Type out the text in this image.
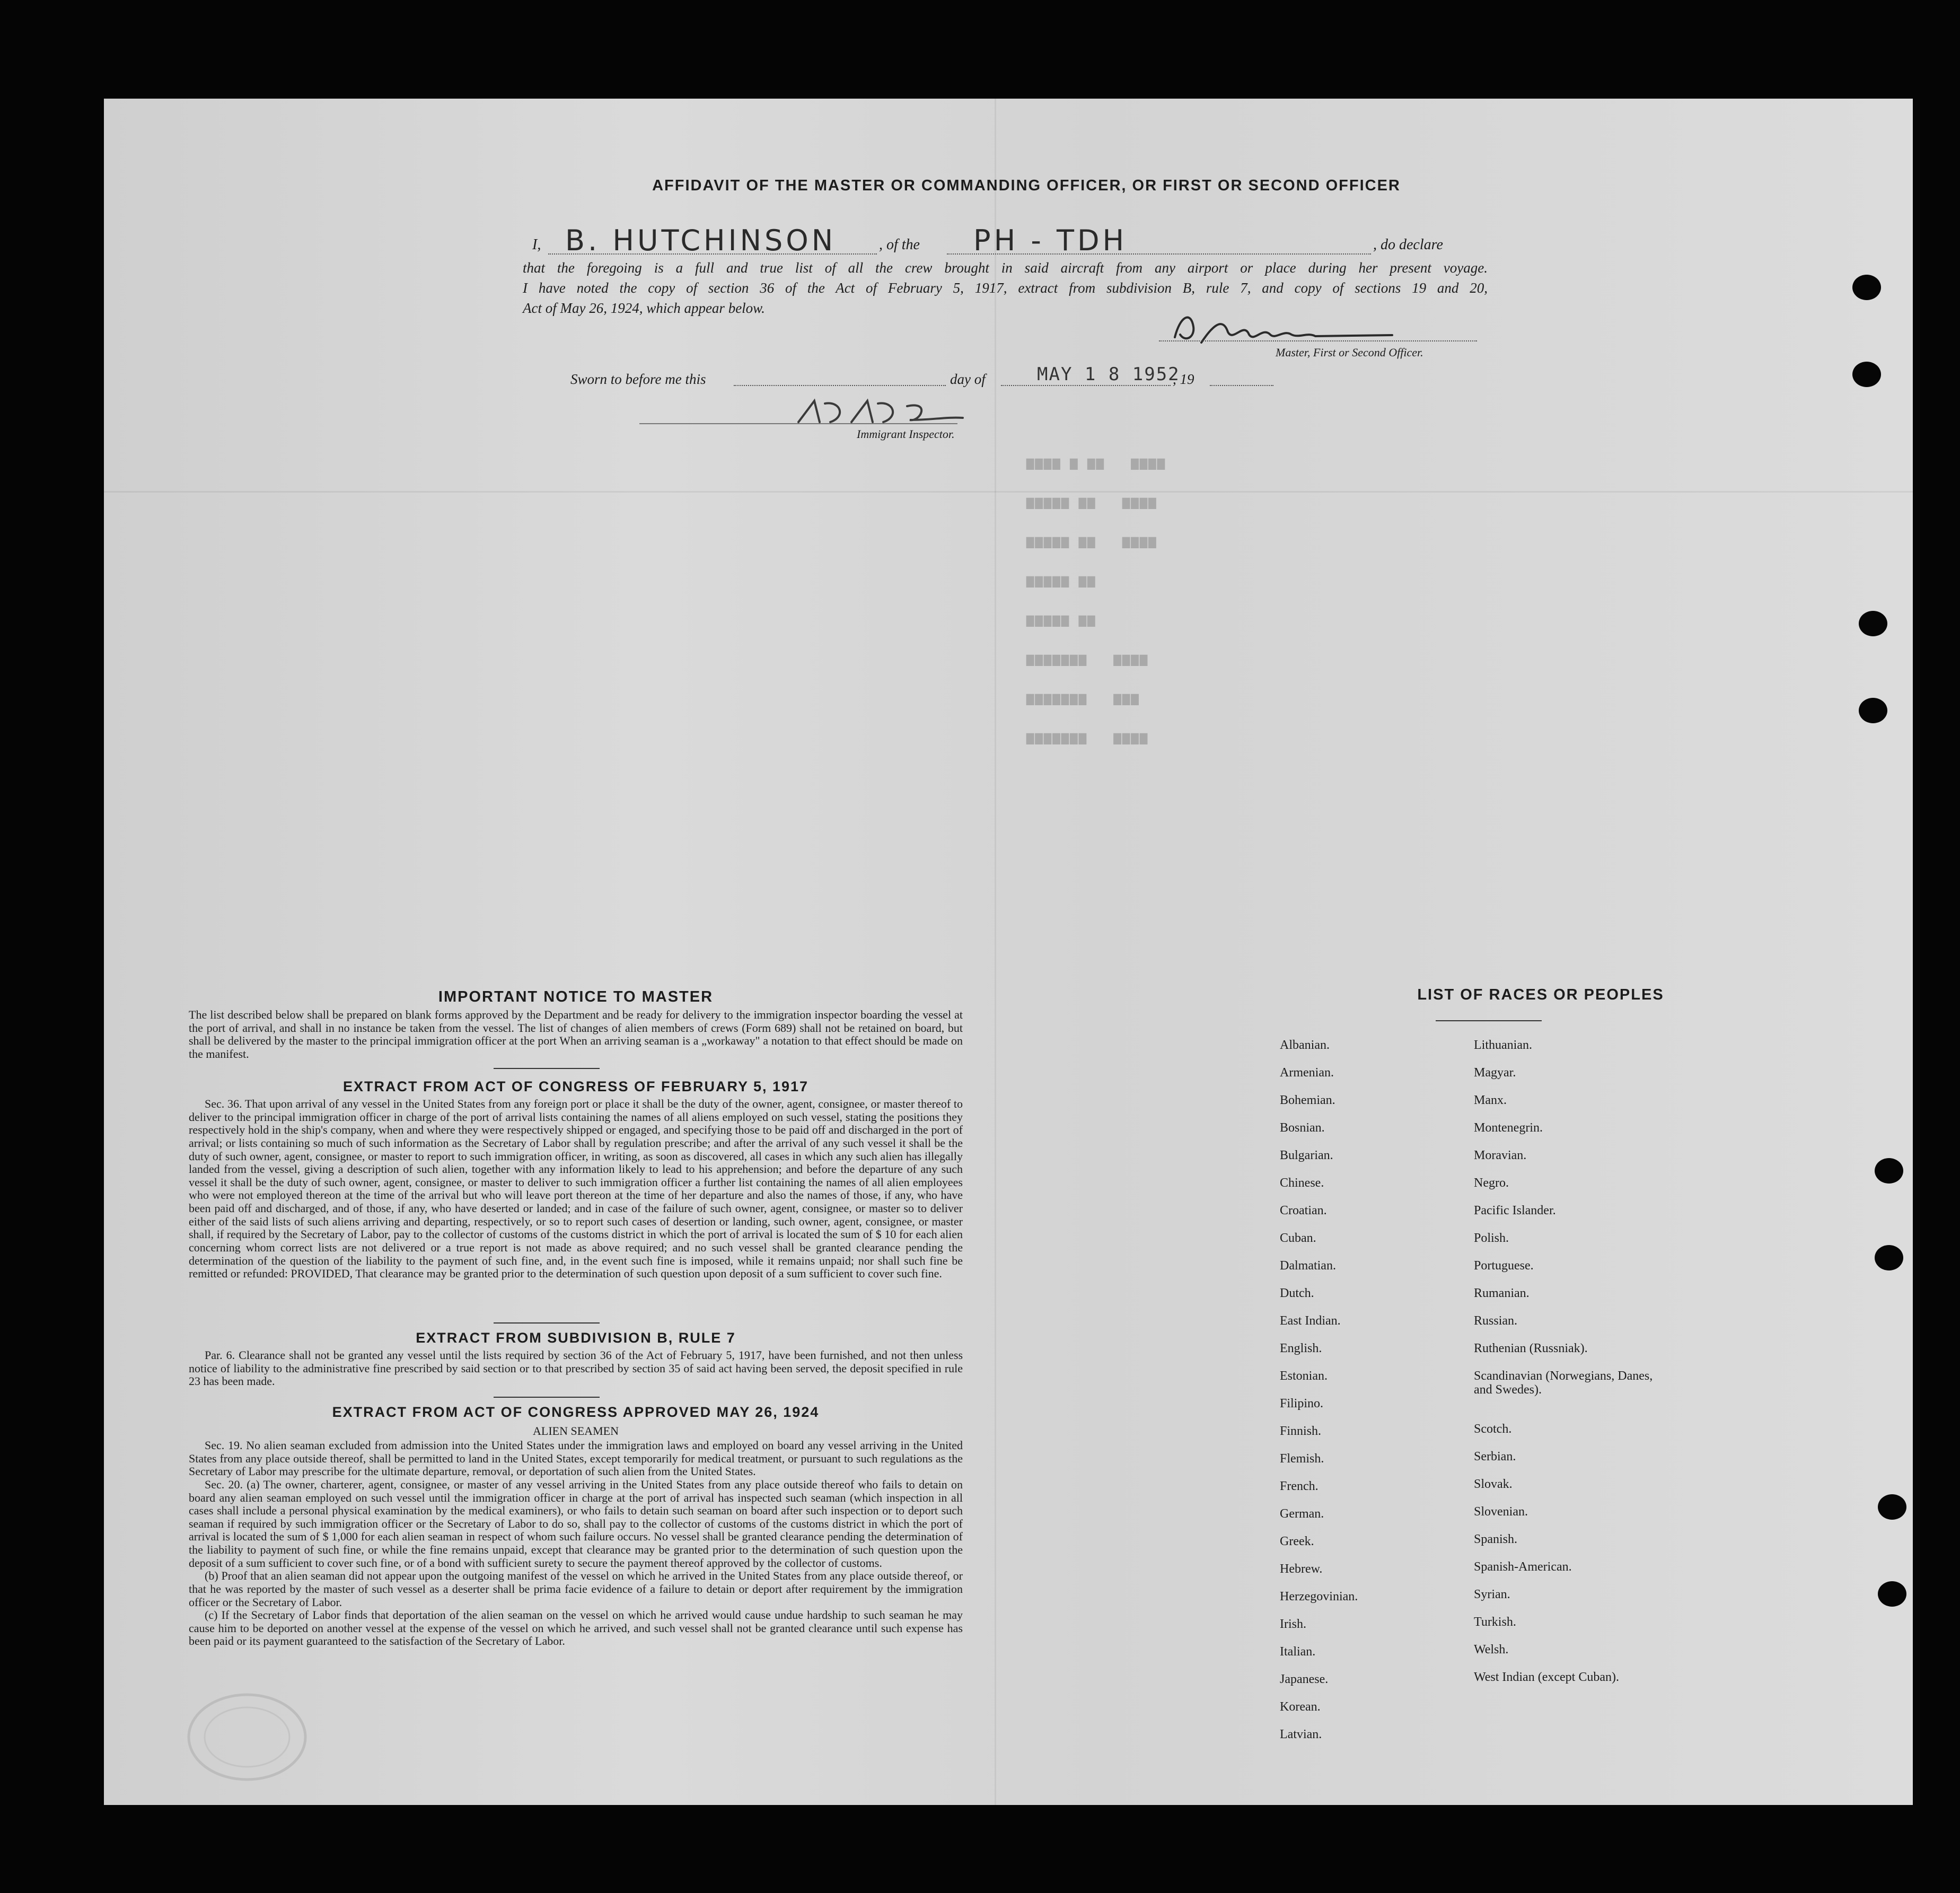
▆▆▆▆ ▆ ▆▆   ▆▆▆▆
▆▆▆▆▆ ▆▆   ▆▆▆▆
▆▆▆▆▆ ▆▆   ▆▆▆▆
▆▆▆▆▆ ▆▆
▆▆▆▆▆ ▆▆
▆▆▆▆▆▆▆   ▆▆▆▆
▆▆▆▆▆▆▆   ▆▆▆
▆▆▆▆▆▆▆   ▆▆▆▆

AFFIDAVIT OF THE MASTER OR COMMANDING OFFICER, OR FIRST OR SECOND OFFICER

I, B. HUTCHINSON	, of the PH - TDH	, do declare

that the foregoing is a full and true list of all the crew brought in said aircraft from any airport or place during her present voyage.

I have noted the copy of section 36 of the Act of February 5, 1917, extract from subdivision B, rule 7, and copy of sections 19 and 20,

Act of May 26, 1924, which appear below.

Master, First or Second Officer.
Sworn to before me this	day of	MAY 1 8 1952
, 19
Immigrant Inspector.

IMPORTANT NOTICE TO MASTER

The list described below shall be prepared on blank forms approved by the Department and be ready for delivery to the immigration inspector boarding the vessel at the port of arrival, and shall in no instance be taken from the vessel. The list of changes of alien members of crews (Form 689) shall not be retained on board, but shall be delivered by the master to the principal immigration officer at the port When an arriving seaman is a „workaway" a notation to that effect should be made on the manifest.

EXTRACT FROM ACT OF CONGRESS OF FEBRUARY 5, 1917

Sec. 36. That upon arrival of any vessel in the United States from any foreign port or place it shall be the duty of the owner, agent, consignee, or master thereof to deliver to the principal immigration officer in charge of the port of arrival lists containing the names of all aliens employed on such vessel, stating the positions they respectively hold in the ship's company, when and where they were respectively shipped or engaged, and specifying those to be paid off and discharged in the port of arrival; or lists containing so much of such information as the Secretary of Labor shall by regulation prescribe; and after the arrival of any such vessel it shall be the duty of such owner, agent, consignee, or master to report to such immigration officer, in writing, as soon as discovered, all cases in which any such alien has illegally landed from the vessel, giving a description of such alien, together with any information likely to lead to his apprehension; and before the departure of any such vessel it shall be the duty of such owner, agent, consignee, or master to deliver to such immigration officer a further list containing the names of all alien employees who were not employed thereon at the time of the arrival but who will leave port thereon at the time of her departure and also the names of those, if any, who have been paid off and discharged, and of those, if any, who have deserted or landed; and in case of the failure of such owner, agent, consignee, or master so to deliver either of the said lists of such aliens arriving and departing, respectively, or so to report such cases of desertion or landing, such owner, agent, consignee, or master shall, if required by the Secretary of Labor, pay to the collector of customs of the customs district in which the port of arrival is located the sum of $ 10 for each alien concerning whom correct lists are not delivered or a true report is not made as above required; and no such vessel shall be granted clearance pending the determination of the question of the liability to the payment of such fine, and, in the event such fine is imposed, while it remains unpaid; nor shall such fine be remitted or refunded: PROVIDED, That clearance may be granted prior to the determination of such question upon deposit of a sum sufficient to cover such fine.

EXTRACT FROM SUBDIVISION B, RULE 7

Par. 6. Clearance shall not be granted any vessel until the lists required by section 36 of the Act of February 5, 1917, have been furnished, and not then unless notice of liability to the administrative fine prescribed by said section or to that prescribed by section 35 of said act having been served, the deposit specified in rule 23 has been made.

EXTRACT FROM ACT OF CONGRESS APPROVED MAY 26, 1924

ALIEN SEAMEN

Sec. 19. No alien seaman excluded from admission into the United States under the immigration laws and employed on board any vessel arriving in the United States from any place outside thereof, shall be permitted to land in the United States, except temporarily for medical treatment, or pursuant to such regulations as the Secretary of Labor may prescribe for the ultimate departure, removal, or deportation of such alien from the United States.

Sec. 20. (a) The owner, charterer, agent, consignee, or master of any vessel arriving in the United States from any place outside thereof who fails to detain on board any alien seaman employed on such vessel until the immigration officer in charge at the port of arrival has inspected such seaman (which inspection in all cases shall include a personal physical examination by the medical examiners), or who fails to detain such seaman on board after such inspection or to deport such seaman if required by such immigration officer or the Secretary of Labor to do so, shall pay to the collector of customs of the customs district in which the port of arrival is located the sum of $ 1,000 for each alien seaman in respect of whom such failure occurs. No vessel shall be granted clearance pending the determination of the liability to payment of such fine, or while the fine remains unpaid, except that clearance may be granted prior to the determination of such question upon the deposit of a sum sufficient to cover such fine, or of a bond with sufficient surety to secure the payment thereof approved by the collector of customs.

(b) Proof that an alien seaman did not appear upon the outgoing manifest of the vessel on which he arrived in the United States from any place outside thereof, or that he was reported by the master of such vessel as a deserter shall be prima facie evidence of a failure to detain or deport after requirement by the immigration officer or the Secretary of Labor.

(c) If the Secretary of Labor finds that deportation of the alien seaman on the vessel on which he arrived would cause undue hardship to such seaman he may cause him to be deported on another vessel at the expense of the vessel on which he arrived, and such vessel shall not be granted clearance until such expense has been paid or its payment guaranteed to the satisfaction of the Secretary of Labor.

LIST OF RACES OR PEOPLES

Albanian.
Armenian.
Bohemian.
Bosnian.
Bulgarian.
Chinese.
Croatian.
Cuban.
Dalmatian.
Dutch.
East Indian.
English.
Estonian.
Filipino.
Finnish.
Flemish.
French.
German.
Greek.
Hebrew.
Herzegovinian.
Irish.
Italian.
Japanese.
Korean.
Latvian.
Lithuanian.
Magyar.
Manx.
Montenegrin.
Moravian.
Negro.
Pacific Islander.
Polish.
Portuguese.
Rumanian.
Russian.
Ruthenian (Russniak).
Scandinavian (Norwegians, Danes, and Swedes).
Scotch.
Serbian.
Slovak.
Slovenian.
Spanish.
Spanish-American.
Syrian.
Turkish.
Welsh.
West Indian (except Cuban).
